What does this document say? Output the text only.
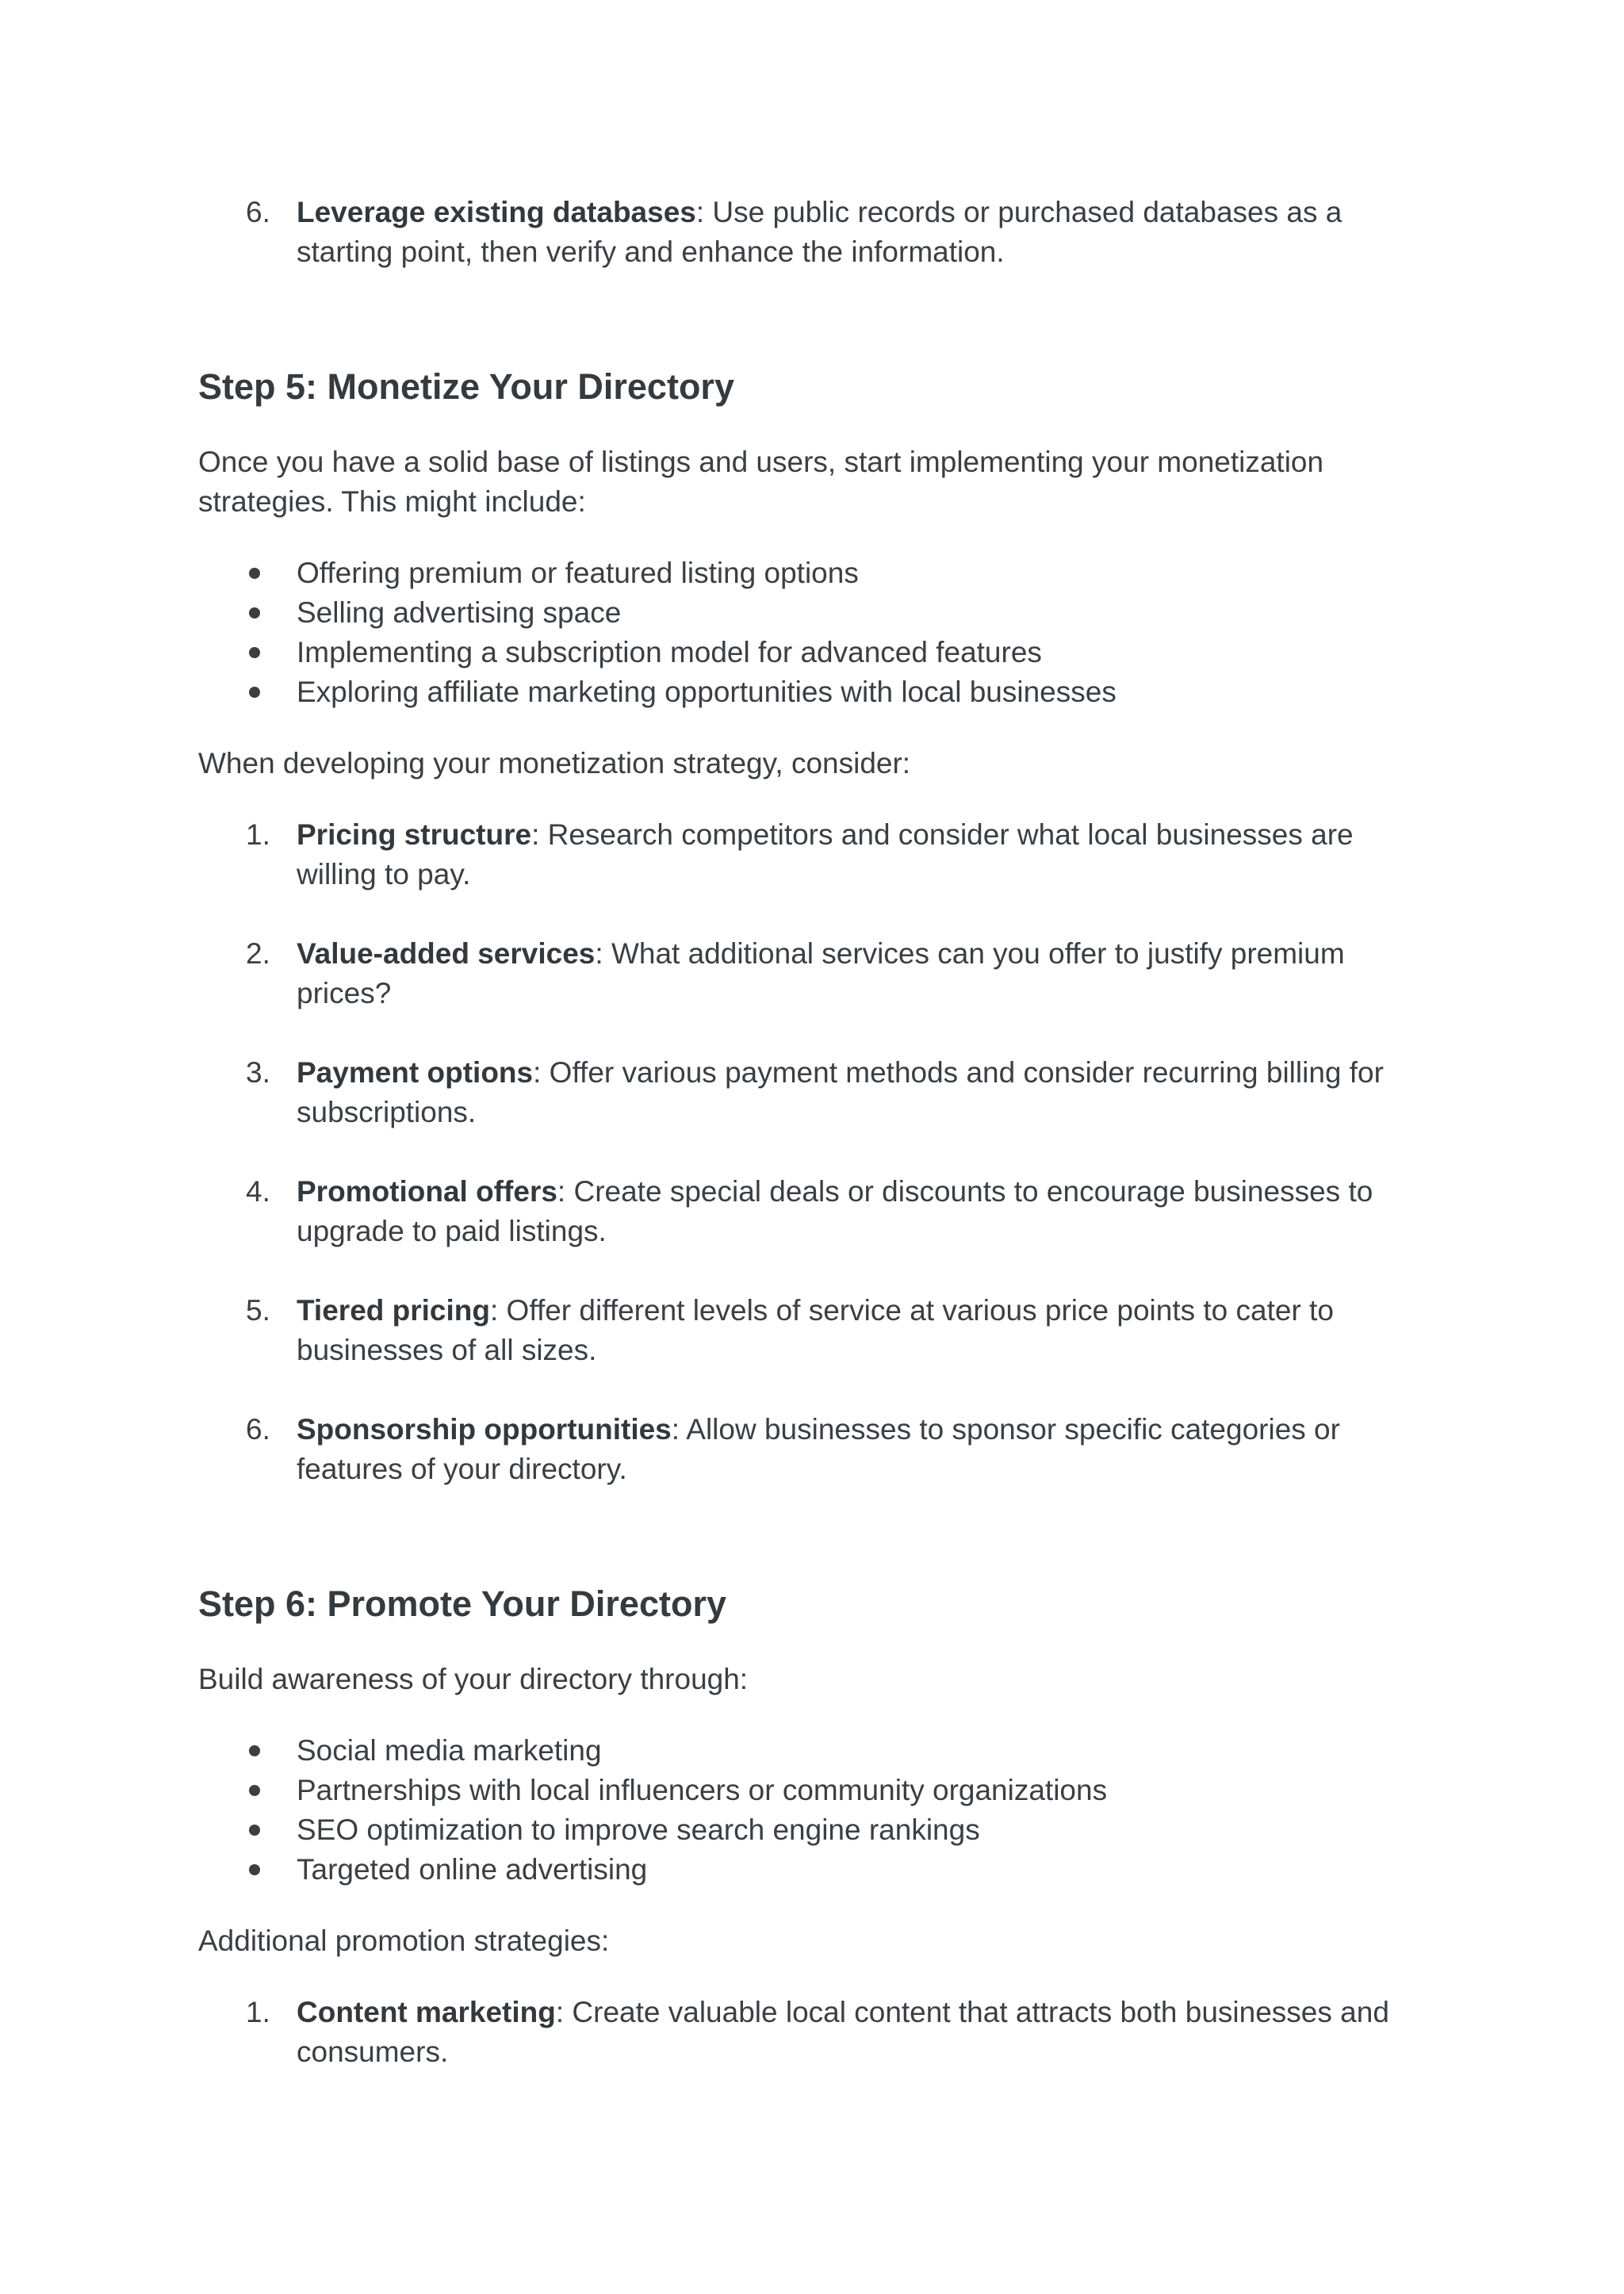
6. Leverage existing databases: Use public records or purchased databases as a starting point, then verify and enhance the information.
Step 5: Monetize Your Directory

Once you have a solid base of listings and users, start implementing your monetization strategies. This might include:

Offering premium or featured listing options
Selling advertising space
Implementing a subscription model for advanced features
Exploring affiliate marketing opportunities with local businesses

When developing your monetization strategy, consider:

1. Pricing structure: Research competitors and consider what local businesses are willing to pay.
2. Value-added services: What additional services can you offer to justify premium prices?
3. Payment options: Offer various payment methods and consider recurring billing for subscriptions.
4. Promotional offers: Create special deals or discounts to encourage businesses to upgrade to paid listings.
5. Tiered pricing: Offer different levels of service at various price points to cater to businesses of all sizes.
6. Sponsorship opportunities: Allow businesses to sponsor specific categories or features of your directory.
Step 6: Promote Your Directory

Build awareness of your directory through:

Social media marketing
Partnerships with local influencers or community organizations
SEO optimization to improve search engine rankings
Targeted online advertising

Additional promotion strategies:

1. Content marketing: Create valuable local content that attracts both businesses and consumers.
